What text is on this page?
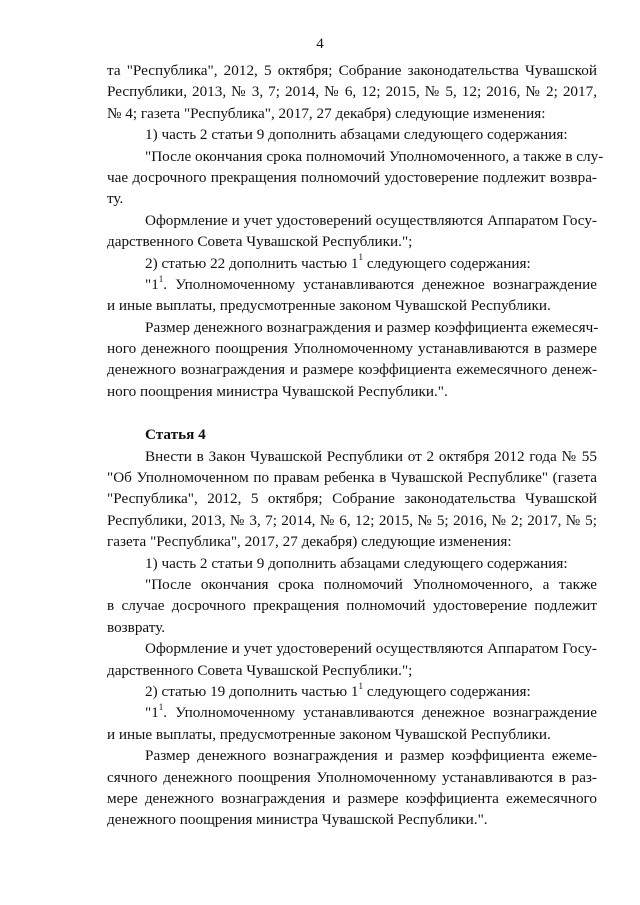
4
та "Республика", 2012, 5 октября; Собрание законодательства Чувашской
Республики, 2013, № 3, 7; 2014, № 6, 12; 2015, № 5, 12; 2016, № 2; 2017,
№ 4; газета "Республика", 2017, 27 декабря) следующие изменения:
1) часть 2 статьи 9 дополнить абзацами следующего содержания:
"После окончания срока полномочий Уполномоченного, а также в слу-
чае досрочного прекращения полномочий удостоверение подлежит возвра-
ту.
Оформление и учет удостоверений осуществляются Аппаратом Госу-
дарственного Совета Чувашской Республики.";
2) статью 22 дополнить частью $1^1$ следующего содержания:
"$1^1$. Уполномоченному устанавливаются денежное вознаграждение
и иные выплаты, предусмотренные законом Чувашской Республики.
Размер денежного вознаграждения и размер коэффициента ежемесяч-
ного денежного поощрения Уполномоченному устанавливаются в размере
денежного вознаграждения и размере коэффициента ежемесячного денеж-
ного поощрения министра Чувашской Республики.".
Статья 4
Внести в Закон Чувашской Республики от 2 октября 2012 года № 55
"Об Уполномоченном по правам ребенка в Чувашской Республике" (газета
"Республика", 2012, 5 октября; Собрание законодательства Чувашской
Республики, 2013, № 3, 7; 2014, № 6, 12; 2015, № 5; 2016, № 2; 2017, № 5;
газета "Республика", 2017, 27 декабря) следующие изменения:
1) часть 2 статьи 9 дополнить абзацами следующего содержания:
"После окончания срока полномочий Уполномоченного, а также
в случае досрочного прекращения полномочий удостоверение подлежит
возврату.
Оформление и учет удостоверений осуществляются Аппаратом Госу-
дарственного Совета Чувашской Республики.";
2) статью 19 дополнить частью $1^1$ следующего содержания:
"$1^1$. Уполномоченному устанавливаются денежное вознаграждение
и иные выплаты, предусмотренные законом Чувашской Республики.
Размер денежного вознаграждения и размер коэффициента ежеме-
сячного денежного поощрения Уполномоченному устанавливаются в раз-
мере денежного вознаграждения и размере коэффициента ежемесячного
денежного поощрения министра Чувашской Республики.".
